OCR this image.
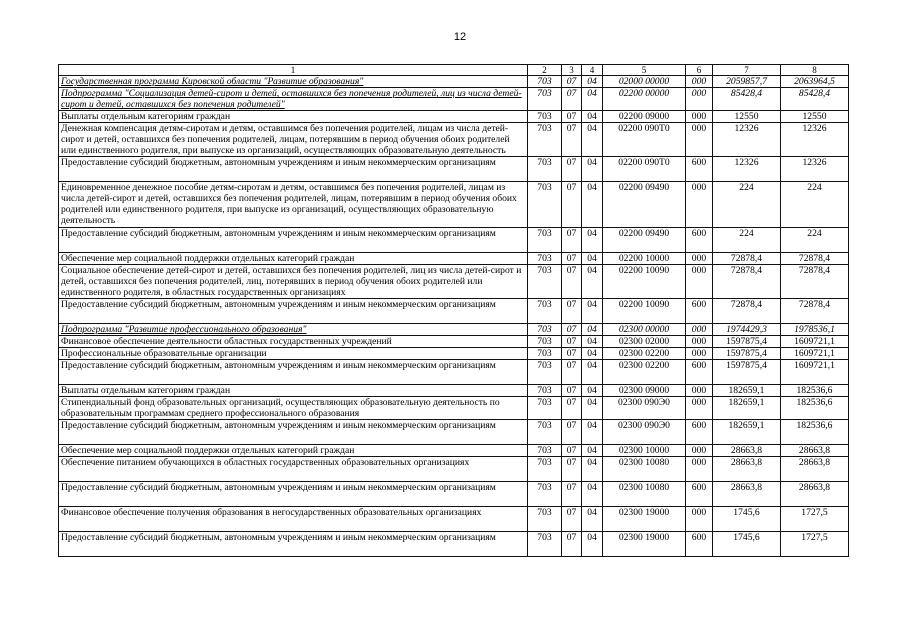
12
1	2	3	4	5	6	7	8
Государственная программа Кировской области "Развитие образования"	703	07	04	02000 00000	000	2059857,7	2063964,5
Подпрограмма "Социализация детей-сирот и детей, оставшихся без попечения родителей, лиц из числа детей-сирот и детей, оставшихся без попечения родителей"	703	07	04	02200 00000	000	85428,4	85428,4
Выплаты отдельным категориям граждан	703	07	04	02200 09000	000	12550	12550
Денежная компенсация детям-сиротам и детям, оставшимся без попечения родителей, лицам из числа детей-сирот и детей, оставшихся без попечения родителей, лицам, потерявшим в период обучения обоих родителей или единственного родителя, при выпуске из организаций, осуществляющих образовательную деятельность	703	07	04	02200 090Т0	000	12326	12326
Предоставление субсидий бюджетным, автономным учреждениям и иным некоммерческим организациям	703	07	04	02200 090Т0	600	12326	12326
Единовременное денежное пособие детям-сиротам и детям, оставшимся без попечения родителей, лицам из числа детей-сирот и детей, оставшихся без попечения родителей, лицам, потерявшим в период обучения обоих родителей или единственного родителя, при выпуске из организаций, осуществляющих образовательную деятельность	703	07	04	02200 09490	000	224	224
Предоставление субсидий бюджетным, автономным учреждениям и иным некоммерческим организациям	703	07	04	02200 09490	600	224	224
Обеспечение мер социальной поддержки отдельных категорий граждан	703	07	04	02200 10000	000	72878,4	72878,4
Социальное обеспечение детей-сирот и детей, оставшихся без попечения родителей, лиц из числа детей-сирот и детей, оставшихся без попечения родителей, лиц, потерявших в период обучения обоих родителей или единственного родителя, в областных государственных организациях	703	07	04	02200 10090	000	72878,4	72878,4
Предоставление субсидий бюджетным, автономным учреждениям и иным некоммерческим организациям	703	07	04	02200 10090	600	72878,4	72878,4
Подпрограмма "Развитие профессионального образования"	703	07	04	02300 00000	000	1974429,3	1978536,1
Финансовое обеспечение деятельности областных государственных учреждений	703	07	04	02300 02000	000	1597875,4	1609721,1
Профессиональные образовательные организации	703	07	04	02300 02200	000	1597875,4	1609721,1
Предоставление субсидий бюджетным, автономным учреждениям и иным некоммерческим организациям	703	07	04	02300 02200	600	1597875,4	1609721,1
Выплаты отдельным категориям граждан	703	07	04	02300 09000	000	182659,1	182536,6
Стипендиальный фонд образовательных организаций, осуществляющих образовательную деятельность по образовательным программам среднего профессионального образования	703	07	04	02300 090Э0	000	182659,1	182536,6
Предоставление субсидий бюджетным, автономным учреждениям и иным некоммерческим организациям	703	07	04	02300 090Э0	600	182659,1	182536,6
Обеспечение мер социальной поддержки отдельных категорий граждан	703	07	04	02300 10000	000	28663,8	28663,8
Обеспечение питанием обучающихся в областных государственных образовательных организациях	703	07	04	02300 10080	000	28663,8	28663,8
Предоставление субсидий бюджетным, автономным учреждениям и иным некоммерческим организациям	703	07	04	02300 10080	600	28663,8	28663,8
Финансовое обеспечение получения образования в негосударственных образовательных организациях	703	07	04	02300 19000	000	1745,6	1727,5
Предоставление субсидий бюджетным, автономным учреждениям и иным некоммерческим организациям	703	07	04	02300 19000	600	1745,6	1727,5
